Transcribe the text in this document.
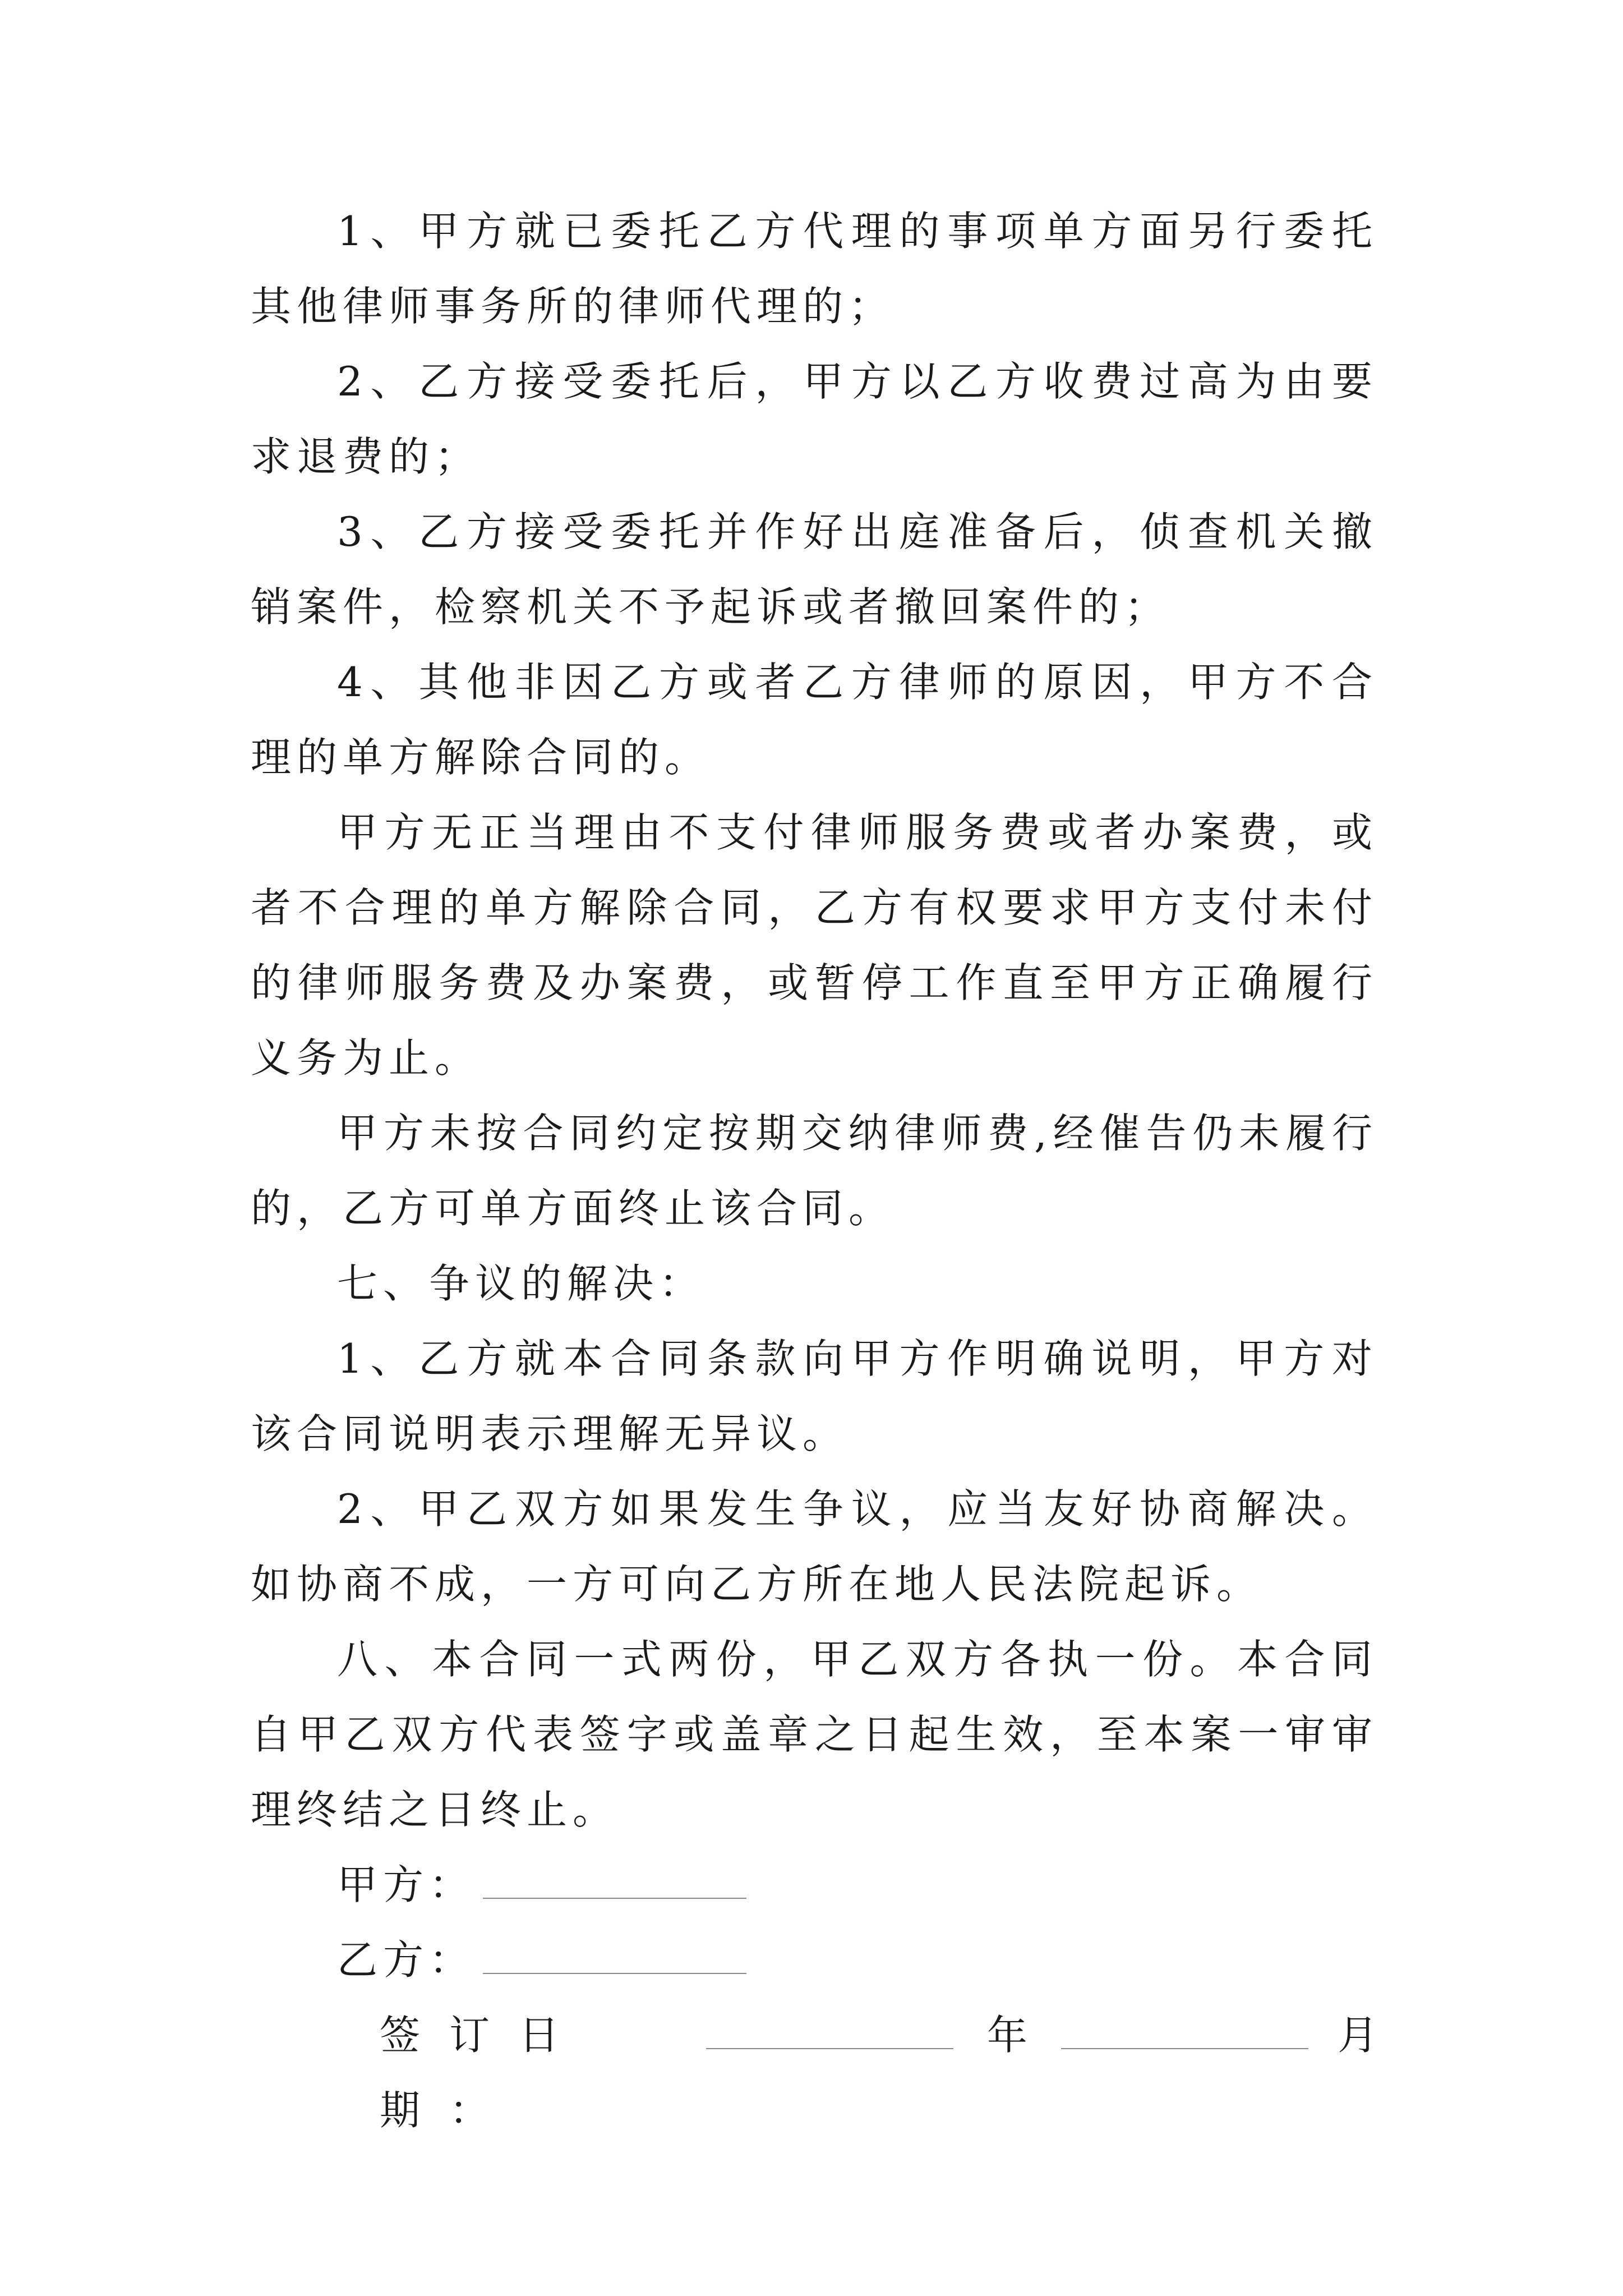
1、甲方就已委托乙方代理的事项单方面另行委托其他律师事务所的律师代理的；

2、乙方接受委托后，甲方以乙方收费过高为由要求退费的；

3、乙方接受委托并作好出庭准备后，侦查机关撤销案件，检察机关不予起诉或者撤回案件的；

4、其他非因乙方或者乙方律师的原因，甲方不合理的单方解除合同的。

甲方无正当理由不支付律师服务费或者办案费，或者不合理的单方解除合同，乙方有权要求甲方支付未付的律师服务费及办案费，或暂停工作直至甲方正确履行义务为止。

甲方未按合同约定按期交纳律师费,经催告仍未履行的，乙方可单方面终止该合同。

七、争议的解决：

1、乙方就本合同条款向甲方作明确说明，甲方对该合同说明表示理解无异议。

2、甲乙双方如果发生争议，应当友好协商解决。如协商不成，一方可向乙方所在地人民法院起诉。

八、本合同一式两份，甲乙双方各执一份。本合同自甲乙双方代表签字或盖章之日起生效，至本案一审审理终结之日终止。

甲方：

乙方：

签订日期：
年	月
